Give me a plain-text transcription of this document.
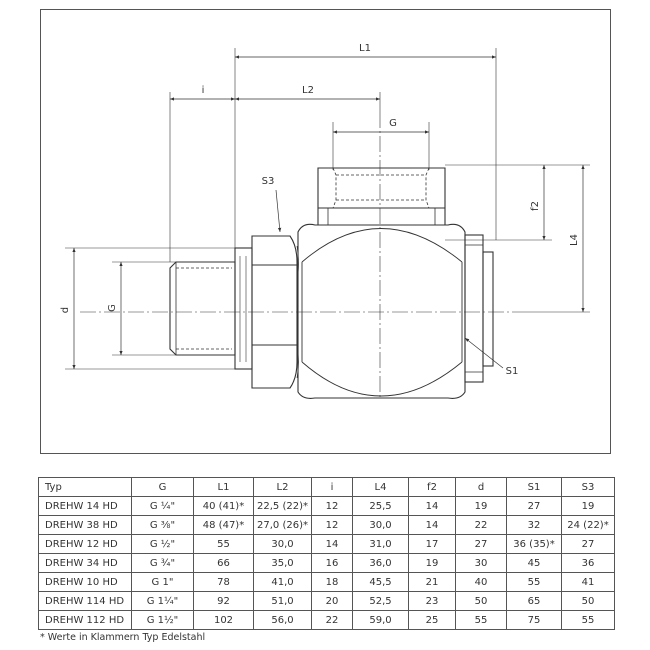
L1
i	L2
G
S3
f2
L4
d	G
S1
Typ	G	L1	L2	i	L4	f2	d	S1	S3
DREHW 14 HD	G ¼"	40 (41)*	22,5 (22)*	12	25,5	14	19	27	19
DREHW 38 HD	G ⅜"	48 (47)*	27,0 (26)*	12	30,0	14	22	32	24 (22)*
DREHW 12 HD	G ½"	55	30,0	14	31,0	17	27	36 (35)*	27
DREHW 34 HD	G ¾"	66	35,0	16	36,0	19	30	45	36
DREHW 10 HD	G 1"	78	41,0	18	45,5	21	40	55	41
DREHW 114 HD	G 1¼"	92	51,0	20	52,5	23	50	65	50
DREHW 112 HD	G 1½"	102	56,0	22	59,0	25	55	75	55
* Werte in Klammern Typ Edelstahl
